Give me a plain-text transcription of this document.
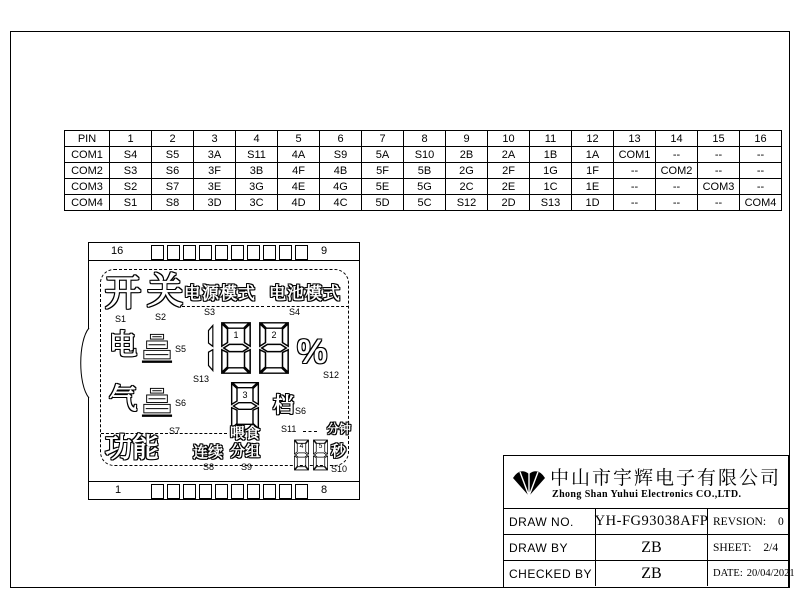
PIN	1	2	3	4	5	6	7	8	9	10	11	12	13	14	15	16
COM1	S4	S5	3A	S11	4A	S9	5A	S10	2B	2A	1B	1A	COM1	--	--	--
COM2	S3	S6	3F	3B	4F	4B	5F	5B	2G	2F	1G	1F	--	COM2	--	--
COM3	S2	S7	3E	3G	4E	4G	5E	5G	2C	2E	1C	1E	--	--	COM3	--
COM4	S1	S8	3D	3C	4D	4C	5D	5C	S12	2D	S13	1D	--	--	--	COM4
16	9
1	8
开 关
S1	S2
电源模式
S3
电池模式
S4
电	S5
S13
1	2 %
S12
气	S6
3 档 S6
功能
S7
连续
S8
喂食
分组
S9
S11
4 5
分钟
秒
S10	中山市宇辉电子有限公司
Zhong Shan Yuhui Electronics CO.,LTD.
DRAW NO.	YH-FG93038AFP REVSION: 0
DRAW BY	ZB	SHEET: 2/4
CHECKED BY	ZB	DATE: 20/04/2021
